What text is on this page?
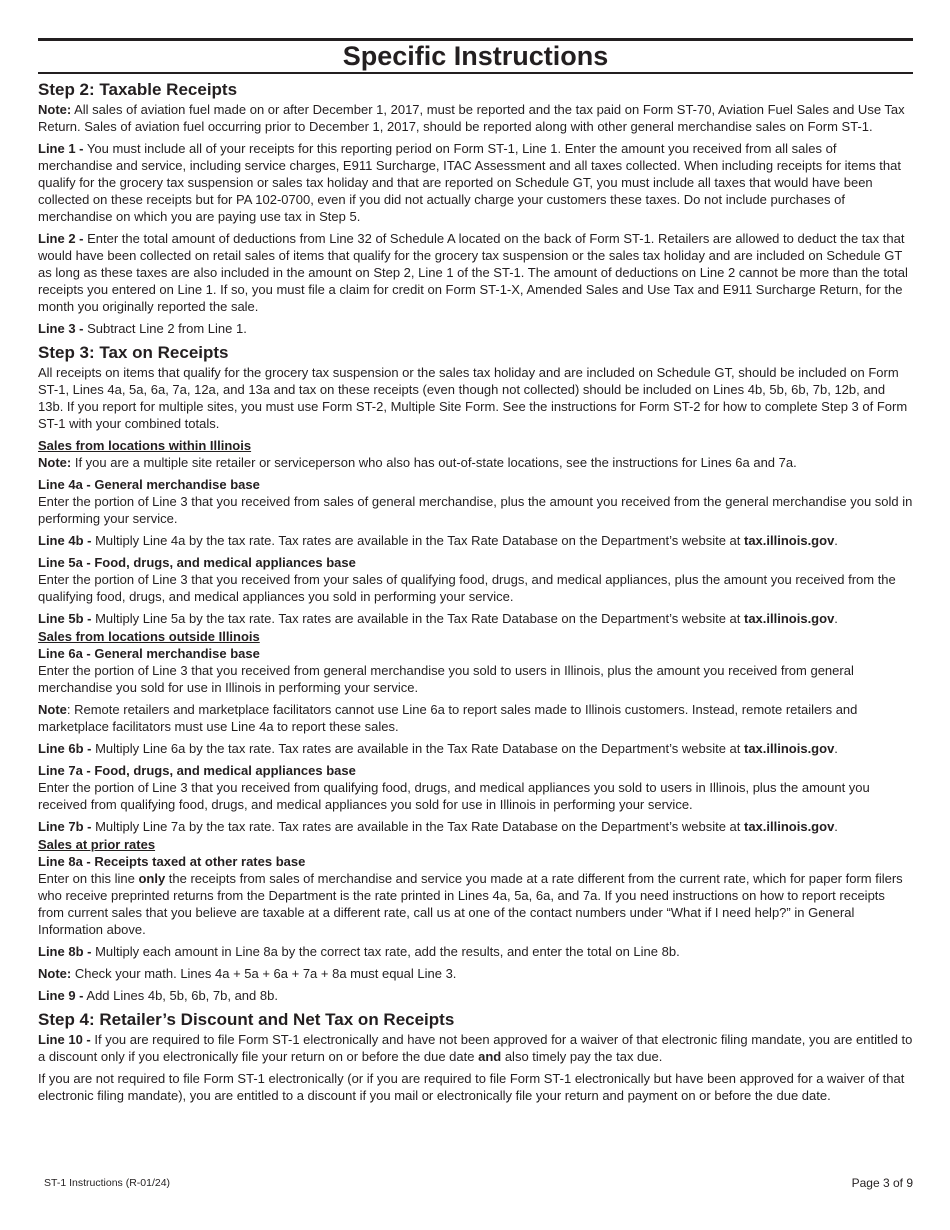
Specific Instructions
Step 2: Taxable Receipts

Note: All sales of aviation fuel made on or after December 1, 2017, must be reported and the tax paid on Form ST-70, Aviation Fuel Sales and Use Tax Return. Sales of aviation fuel occurring prior to December 1, 2017, should be reported along with other general merchandise sales on Form ST-1.

Line 1 - You must include all of your receipts for this reporting period on Form ST-1, Line 1. Enter the amount you received from all sales of merchandise and service, including service charges, E911 Surcharge, ITAC Assessment and all taxes collected. When including receipts for items that qualify for the grocery tax suspension or sales tax holiday and that are reported on Schedule GT, you must include all taxes that would have been collected on these receipts but for PA 102-0700, even if you did not actually charge your customers these taxes. Do not include purchases of merchandise on which you are paying use tax in Step 5.

Line 2 - Enter the total amount of deductions from Line 32 of Schedule A located on the back of Form ST-1. Retailers are allowed to deduct the tax that would have been collected on retail sales of items that qualify for the grocery tax suspension or the sales tax holiday and are included on Schedule GT as long as these taxes are also included in the amount on Step 2, Line 1 of the ST-1. The amount of deductions on Line 2 cannot be more than the total receipts you entered on Line 1. If so, you must file a claim for credit on Form ST-1-X, Amended Sales and Use Tax and E911 Surcharge Return, for the month you originally reported the sale.

Line 3 - Subtract Line 2 from Line 1.

Step 3: Tax on Receipts

All receipts on items that qualify for the grocery tax suspension or the sales tax holiday and are included on Schedule GT, should be included on Form ST-1, Lines 4a, 5a, 6a, 7a, 12a, and 13a and tax on these receipts (even though not collected) should be included on Lines 4b, 5b, 6b, 7b, 12b, and 13b. If you report for multiple sites, you must use Form ST-2, Multiple Site Form. See the instructions for Form ST-2 for how to complete Step 3 of Form ST-1 with your combined totals.

Sales from locations within Illinois

Note: If you are a multiple site retailer or serviceperson who also has out-of-state locations, see the instructions for Lines 6a and 7a.

Line 4a - General merchandise base

Enter the portion of Line 3 that you received from sales of general merchandise, plus the amount you received from the general merchandise you sold in performing your service.

Line 4b - Multiply Line 4a by the tax rate. Tax rates are available in the Tax Rate Database on the Department’s website at tax.illinois.gov.

Line 5a - Food, drugs, and medical appliances base

Enter the portion of Line 3 that you received from your sales of qualifying food, drugs, and medical appliances, plus the amount you received from the qualifying food, drugs, and medical appliances you sold in performing your service.

Line 5b - Multiply Line 5a by the tax rate. Tax rates are available in the Tax Rate Database on the Department’s website at tax.illinois.gov.

Sales from locations outside Illinois
Line 6a - General merchandise base

Enter the portion of Line 3 that you received from general merchandise you sold to users in Illinois, plus the amount you received from general merchandise you sold for use in Illinois in performing your service.

Note: Remote retailers and marketplace facilitators cannot use Line 6a to report sales made to Illinois customers. Instead, remote retailers and marketplace facilitators must use Line 4a to report these sales.

Line 6b - Multiply Line 6a by the tax rate. Tax rates are available in the Tax Rate Database on the Department’s website at tax.illinois.gov.

Line 7a - Food, drugs, and medical appliances base

Enter the portion of Line 3 that you received from qualifying food, drugs, and medical appliances you sold to users in Illinois, plus the amount you received from qualifying food, drugs, and medical appliances you sold for use in Illinois in performing your service.

Line 7b - Multiply Line 7a by the tax rate. Tax rates are available in the Tax Rate Database on the Department’s website at tax.illinois.gov.

Sales at prior rates
Line 8a - Receipts taxed at other rates base

Enter on this line only the receipts from sales of merchandise and service you made at a rate different from the current rate, which for paper form filers who receive preprinted returns from the Department is the rate printed in Lines 4a, 5a, 6a, and 7a. If you need instructions on how to report receipts from current sales that you believe are taxable at a different rate, call us at one of the contact numbers under “What if I need help?” in General Information above.

Line 8b - Multiply each amount in Line 8a by the correct tax rate, add the results, and enter the total on Line 8b.

Note: Check your math. Lines 4a + 5a + 6a + 7a + 8a must equal Line 3.

Line 9 - Add Lines 4b, 5b, 6b, 7b, and 8b.

Step 4: Retailer’s Discount and Net Tax on Receipts

Line 10 - If you are required to file Form ST-1 electronically and have not been approved for a waiver of that electronic filing mandate, you are entitled to a discount only if you electronically file your return on or before the due date and also timely pay the tax due.

If you are not required to file Form ST-1 electronically (or if you are required to file Form ST-1 electronically but have been approved for a waiver of that electronic filing mandate), you are entitled to a discount if you mail or electronically file your return and payment on or before the due date.

ST-1 Instructions (R-01/24)	Page 3 of 9
